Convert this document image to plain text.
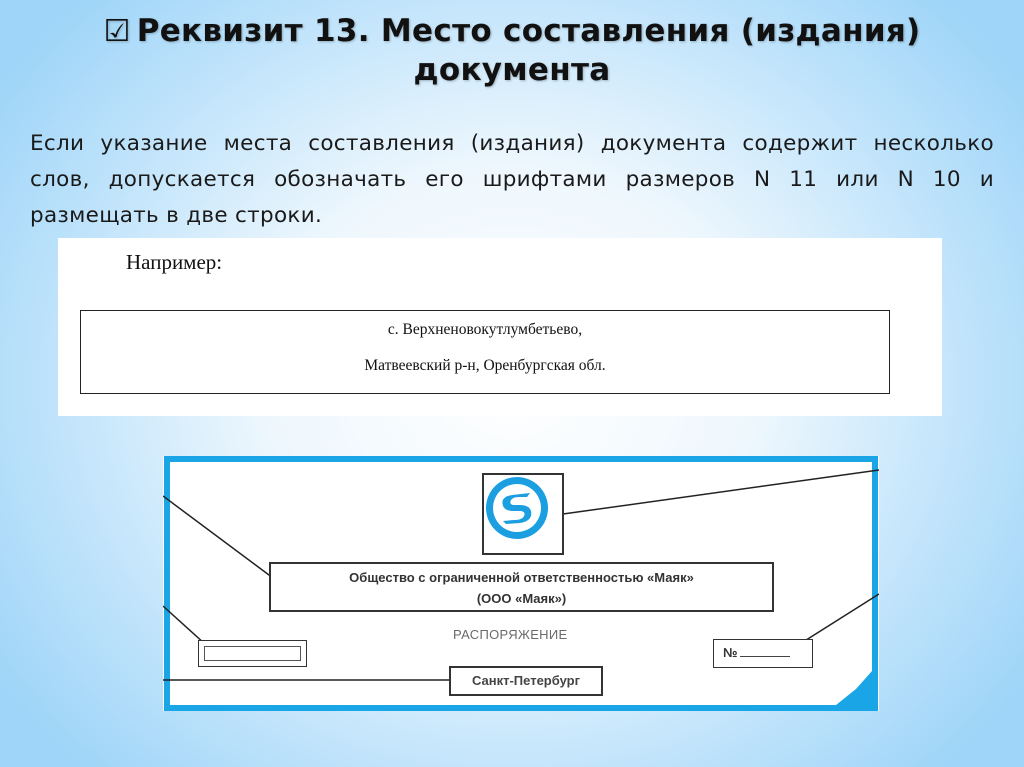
☑ Реквизит 13. Место составления (издания)
документа
Если указание места составления (издания) документа содержит несколько слов, допускается обозначать его шрифтами размеров N 11 или N 10 и размещать в две строки.
Например:
с. Верхненовокутлумбетьево,
Матвеевский р-н, Оренбургская обл.
Общество с ограниченной ответственностью «Маяк»
(ООО «Маяк»)
РАСПОРЯЖЕНИЕ
№
Санкт-Петербург
